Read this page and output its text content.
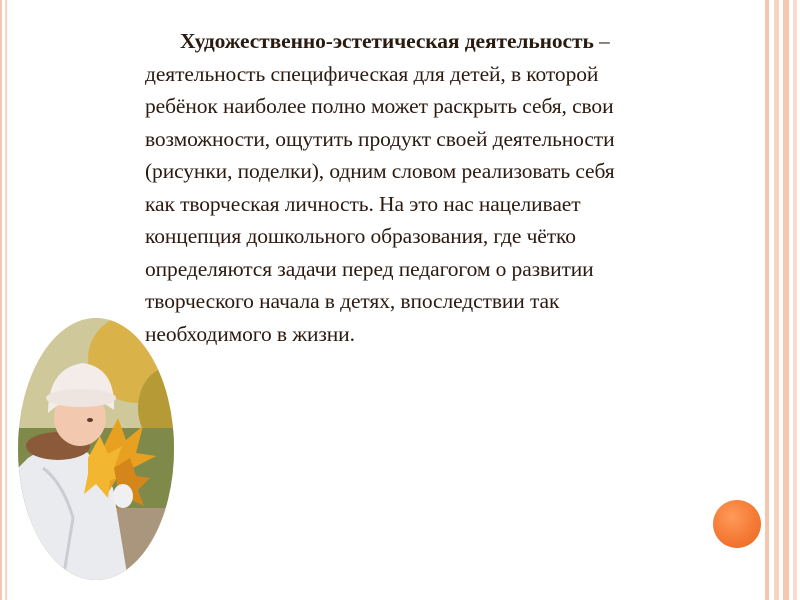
Художественно-эстетическая деятельность –
деятельность специфическая для детей, в которой
ребёнок наиболее полно может раскрыть себя, свои
возможности, ощутить продукт своей деятельности
(рисунки, поделки), одним словом реализовать себя
как творческая личность. На это нас нацеливает
концепция дошкольного образования, где чётко
определяются задачи перед педагогом о развитии
творческого начала в детях, впоследствии так
необходимого в жизни.
